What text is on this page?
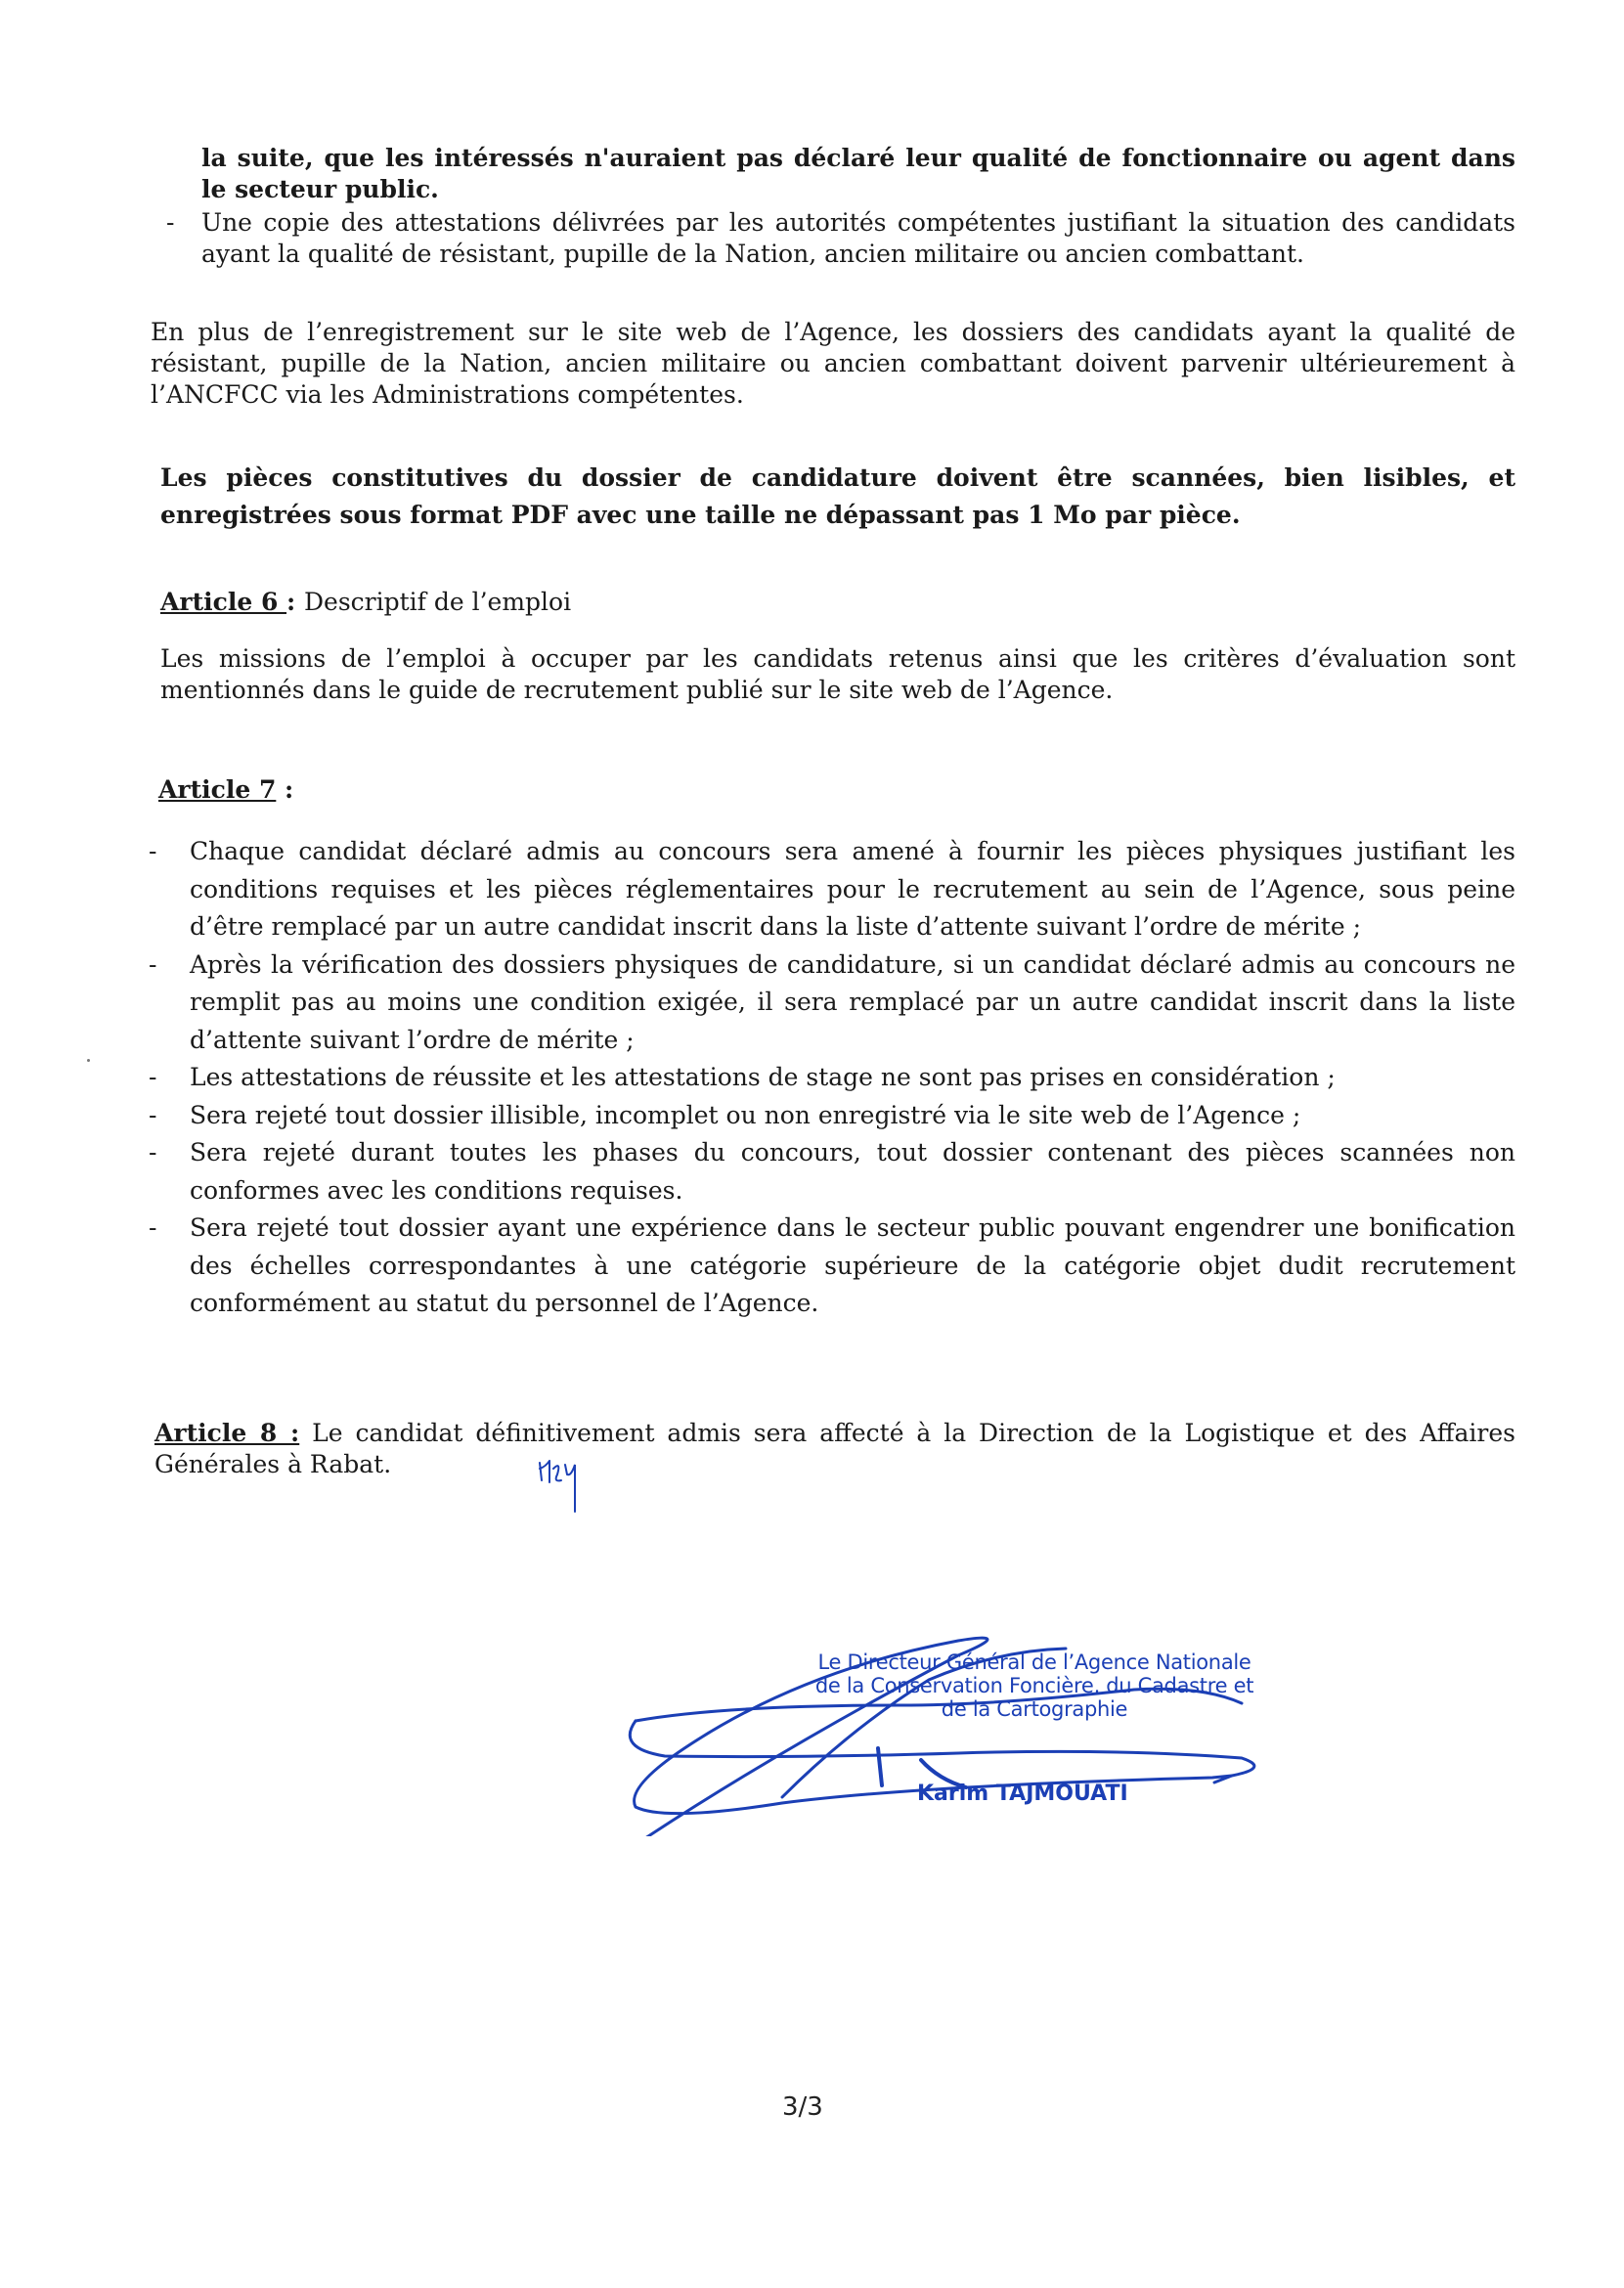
la suite, que les intéressés n'auraient pas déclaré leur qualité de fonctionnaire ou agent dans le secteur public.
-	Une copie des attestations délivrées par les autorités compétentes justifiant la situation des candidats ayant la qualité de résistant, pupille de la Nation, ancien militaire ou ancien combattant.
En plus de l’enregistrement sur le site web de l’Agence, les dossiers des candidats ayant la qualité de résistant, pupille de la Nation, ancien militaire ou ancien combattant doivent parvenir ultérieurement à l’ANCFCC via les Administrations compétentes.
Les pièces constitutives du dossier de candidature doivent être scannées, bien lisibles, et enregistrées sous format PDF avec une taille ne dépassant pas 1 Mo par pièce.
Article 6 : Descriptif de l’emploi
Les missions de l’emploi à occuper par les candidats retenus ainsi que les critères d’évaluation sont mentionnés dans le guide de recrutement publié sur le site web de l’Agence.
Article 7 :
-	Chaque candidat déclaré admis au concours sera amené à fournir les pièces physiques justifiant les conditions requises et les pièces réglementaires pour le recrutement au sein de l’Agence, sous peine d’être remplacé par un autre candidat inscrit dans la liste d’attente suivant l’ordre de mérite ;
-	Après la vérification des dossiers physiques de candidature, si un candidat déclaré admis au concours ne remplit pas au moins une condition exigée, il sera remplacé par un autre candidat inscrit dans la liste d’attente suivant l’ordre de mérite ;
-	Les attestations de réussite et les attestations de stage ne sont pas prises en considération ;
-	Sera rejeté tout dossier illisible, incomplet ou non enregistré via le site web de l’Agence ;
-	Sera rejeté durant toutes les phases du concours, tout dossier contenant des pièces scannées non conformes avec les conditions requises.
-	Sera rejeté tout dossier ayant une expérience dans le secteur public pouvant engendrer une bonification des échelles correspondantes à une catégorie supérieure de la catégorie objet dudit recrutement conformément au statut du personnel de l’Agence.
Article 8 : Le candidat définitivement admis sera affecté à la Direction de la Logistique et des Affaires Générales à Rabat.
Le Directeur Général de l’Agence Nationale de la Conservation Foncière, du Cadastre et de la Cartographie
Karim TAJMOUATI
3/3
